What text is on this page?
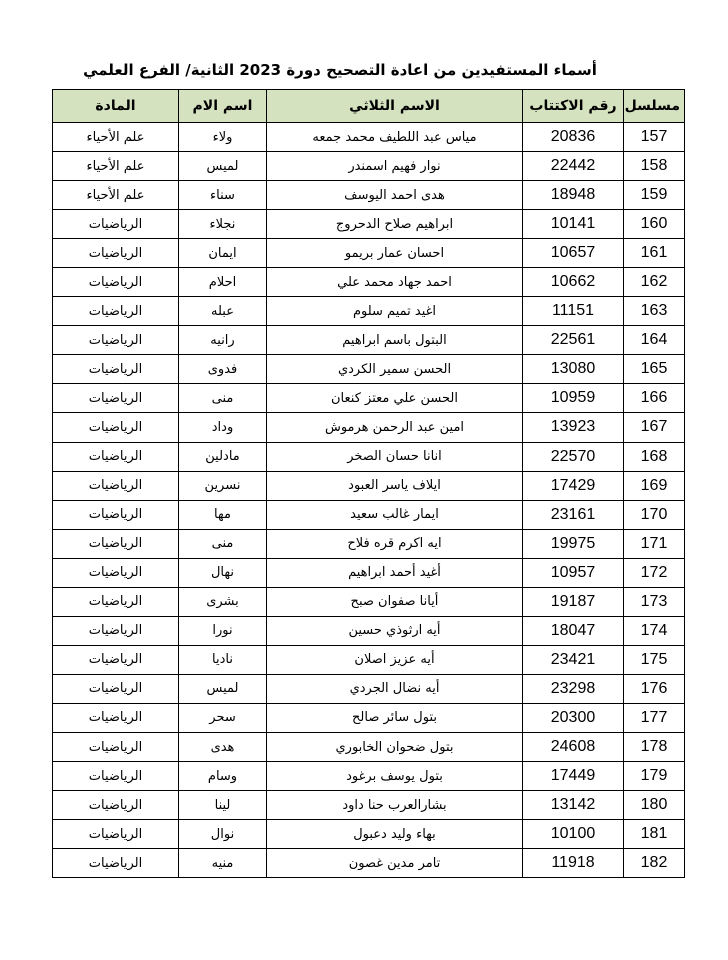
أسماء المستفيدين من اعادة التصحيح دورة 2023 الثانية/ الفرع العلمي
مسلسل	رقم الاكتتاب	الاسم الثلاثي	اسم الام	المادة
157	20836	مياس عبد اللطيف محمد جمعه	ولاء	علم الأحياء
158	22442	نوار فهيم اسمندر	لميس	علم الأحياء
159	18948	هدى احمد اليوسف	سناء	علم الأحياء
160	10141	ابراهيم صلاح الدحروج	نجلاء	الرياضيات
161	10657	احسان عمار بريمو	ايمان	الرياضيات
162	10662	احمد جهاد محمد علي	احلام	الرياضيات
163	11151	اغيد تميم سلوم	عبله	الرياضيات
164	22561	البتول باسم ابراهيم	رانيه	الرياضيات
165	13080	الحسن سمير الكردي	فدوى	الرياضيات
166	10959	الحسن علي معتز كنعان	منى	الرياضيات
167	13923	امين عبد الرحمن هرموش	وداد	الرياضيات
168	22570	انانا حسان الصخر	مادلين	الرياضيات
169	17429	ايلاف ياسر العبود	نسرين	الرياضيات
170	23161	ايمار غالب سعيد	مها	الرياضيات
171	19975	ايه اكرم قره فلاح	منى	الرياضيات
172	10957	أغيد أحمد ابراهيم	نهال	الرياضيات
173	19187	أيانا صفوان صبح	بشرى	الرياضيات
174	18047	أيه ارثوذي حسين	نورا	الرياضيات
175	23421	أيه عزيز اصلان	ناديا	الرياضيات
176	23298	أيه نضال الجردي	لميس	الرياضيات
177	20300	بتول سائر صالح	سحر	الرياضيات
178	24608	بتول ضحوان الخابوري	هدى	الرياضيات
179	17449	بتول يوسف برغود	وسام	الرياضيات
180	13142	بشارالعرب حنا داود	لينا	الرياضيات
181	10100	بهاء وليد دعبول	نوال	الرياضيات
182	11918	تامر مدين غصون	منيه	الرياضيات
